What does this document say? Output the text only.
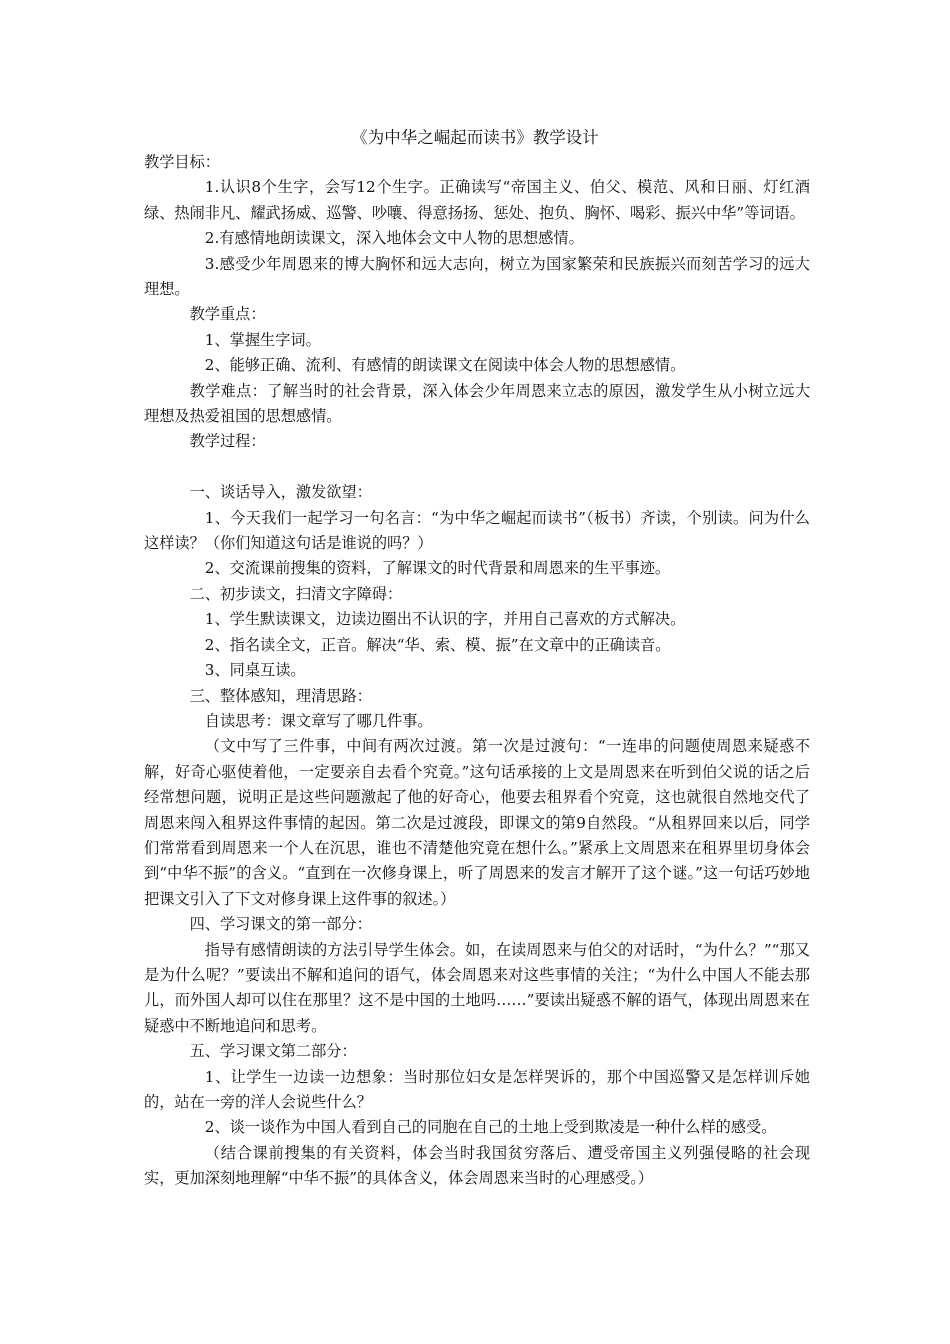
《为中华之崛起而读书》教学设计

教学目标：

1.认识8个生字，会写12个生字。正确读写“帝国主义、伯父、模范、风和日丽、灯红酒绿、热闹非凡、耀武扬威、巡警、吵嚷、得意扬扬、惩处、抱负、胸怀、喝彩、振兴中华”等词语。

2.有感情地朗读课文，深入地体会文中人物的思想感情。

3.感受少年周恩来的博大胸怀和远大志向，树立为国家繁荣和民族振兴而刻苦学习的远大理想。

教学重点：

1、掌握生字词。

2、能够正确、流利、有感情的朗读课文在阅读中体会人物的思想感情。

教学难点：了解当时的社会背景，深入体会少年周恩来立志的原因，激发学生从小树立远大理想及热爱祖国的思想感情。

教学过程：

一、谈话导入，激发欲望：

1、今天我们一起学习一句名言：“为中华之崛起而读书”（板书）齐读，个别读。问为什么这样读？（你们知道这句话是谁说的吗？）

2、交流课前搜集的资料，了解课文的时代背景和周恩来的生平事迹。

二、初步读文，扫清文字障碍：

1、学生默读课文，边读边圈出不认识的字，并用自己喜欢的方式解决。

2、指名读全文，正音。解决“华、索、模、振”在文章中的正确读音。

3、同桌互读。

三、整体感知，理清思路：

自读思考：课文章写了哪几件事。

（文中写了三件事，中间有两次过渡。第一次是过渡句：“一连串的问题使周恩来疑惑不解，好奇心驱使着他，一定要亲自去看个究竟。”这句话承接的上文是周恩来在听到伯父说的话之后经常想问题，说明正是这些问题激起了他的好奇心，他要去租界看个究竟，这也就很自然地交代了周恩来闯入租界这件事情的起因。第二次是过渡段，即课文的第9自然段。“从租界回来以后，同学们常常看到周恩来一个人在沉思，谁也不清楚他究竟在想什么。”紧承上文周恩来在租界里切身体会到“中华不振”的含义。“直到在一次修身课上，听了周恩来的发言才解开了这个谜。”这一句话巧妙地把课文引入了下文对修身课上这件事的叙述。）

四、学习课文的第一部分：

指导有感情朗读的方法引导学生体会。如，在读周恩来与伯父的对话时，“为什么？”“那又是为什么呢？”要读出不解和追问的语气，体会周恩来对这些事情的关注；“为什么中国人不能去那儿，而外国人却可以住在那里？这不是中国的土地吗……”要读出疑惑不解的语气，体现出周恩来在疑惑中不断地追问和思考。

五、学习课文第二部分：

1、让学生一边读一边想象：当时那位妇女是怎样哭诉的，那个中国巡警又是怎样训斥她的，站在一旁的洋人会说些什么？

2、谈一谈作为中国人看到自己的同胞在自己的土地上受到欺凌是一种什么样的感受。

（结合课前搜集的有关资料，体会当时我国贫穷落后、遭受帝国主义列强侵略的社会现实，更加深刻地理解“中华不振”的具体含义，体会周恩来当时的心理感受。）
